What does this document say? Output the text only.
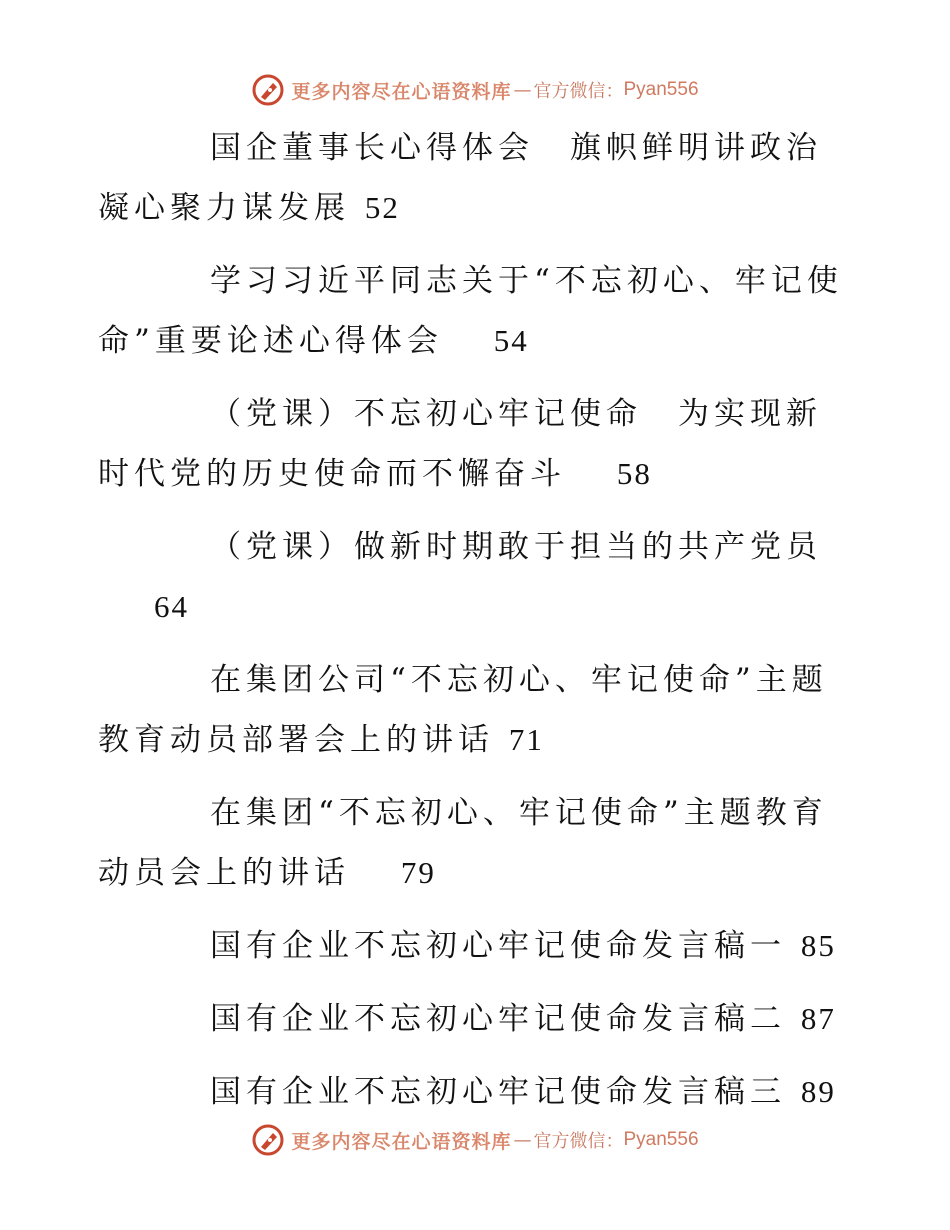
更多内容尽在心语资料库 — 官方微信： Pyan556

国企董事长心得体会　旗帜鲜明讲政治 凝心聚力谋发展 52

学习习近平同志关于“不忘初心、牢记使命”重要论述心得体会　 54

（党课）不忘初心牢记使命　为实现新时代党的历史使命而不懈奋斗　 58

（党课）做新时期敢于担当的共产党员
64

在集团公司“不忘初心、牢记使命”主题教育动员部署会上的讲话 71

在集团“不忘初心、牢记使命”主题教育动员会上的讲话　 79

国有企业不忘初心牢记使命发言稿一 85

国有企业不忘初心牢记使命发言稿二 87

国有企业不忘初心牢记使命发言稿三 89

更多内容尽在心语资料库 — 官方微信： Pyan556
